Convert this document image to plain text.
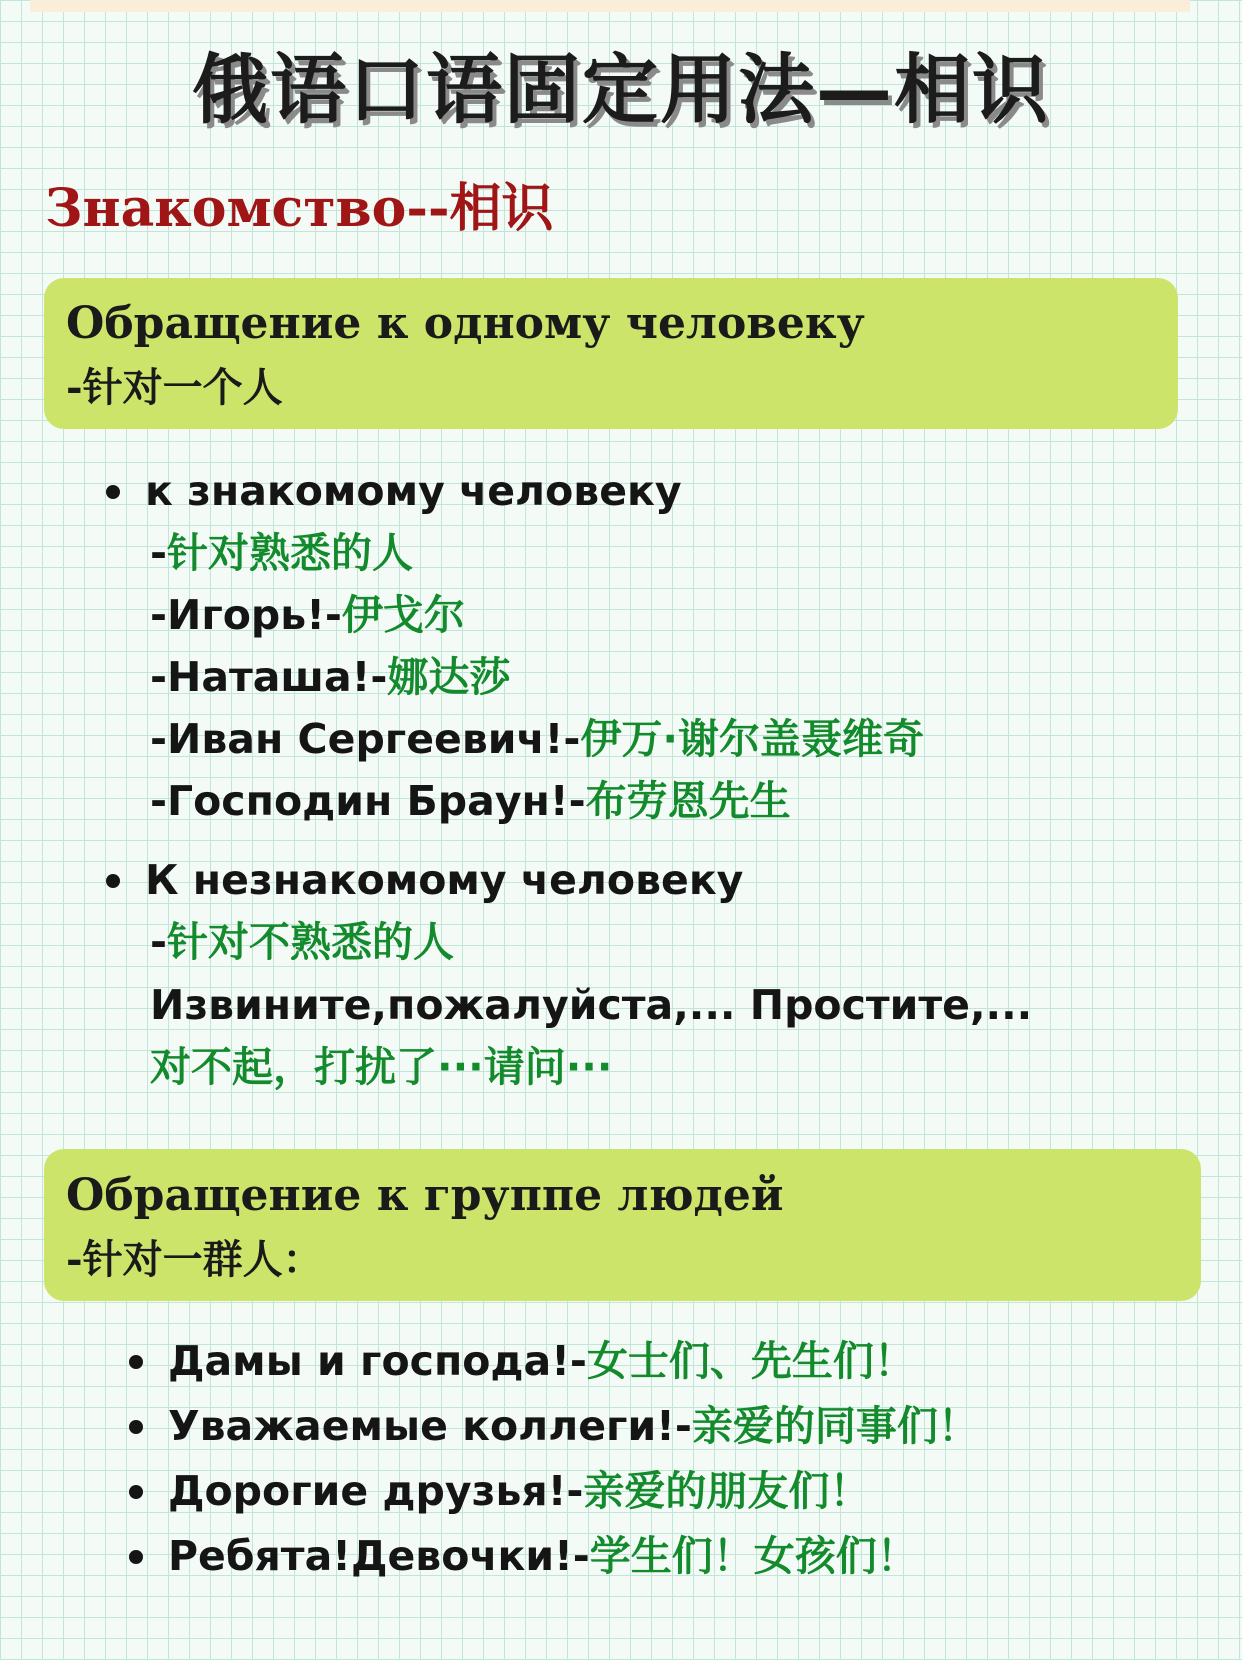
俄语口语固定用法—相识
Знакомство--相识
Обращение к одному человеку
-针对一个人
к знакомому человеку
-针对熟悉的人
-Игорь!-伊戈尔
-Наташа!-娜达莎
-Иван Сергеевич!-伊万·谢尔盖聂维奇
-Господин Браун!-布劳恩先生
К незнакомому человеку
-针对不熟悉的人
Извините,пожалуйста,... Простите,...
对不起，打扰了···请问···
Обращение к группе людей
-针对一群人：
Дамы и господа!-女士们、先生们！
Уважаемые коллеги!-亲爱的同事们！
Дорогие друзья!-亲爱的朋友们！
Ребята!Девочки!-学生们！女孩们！
